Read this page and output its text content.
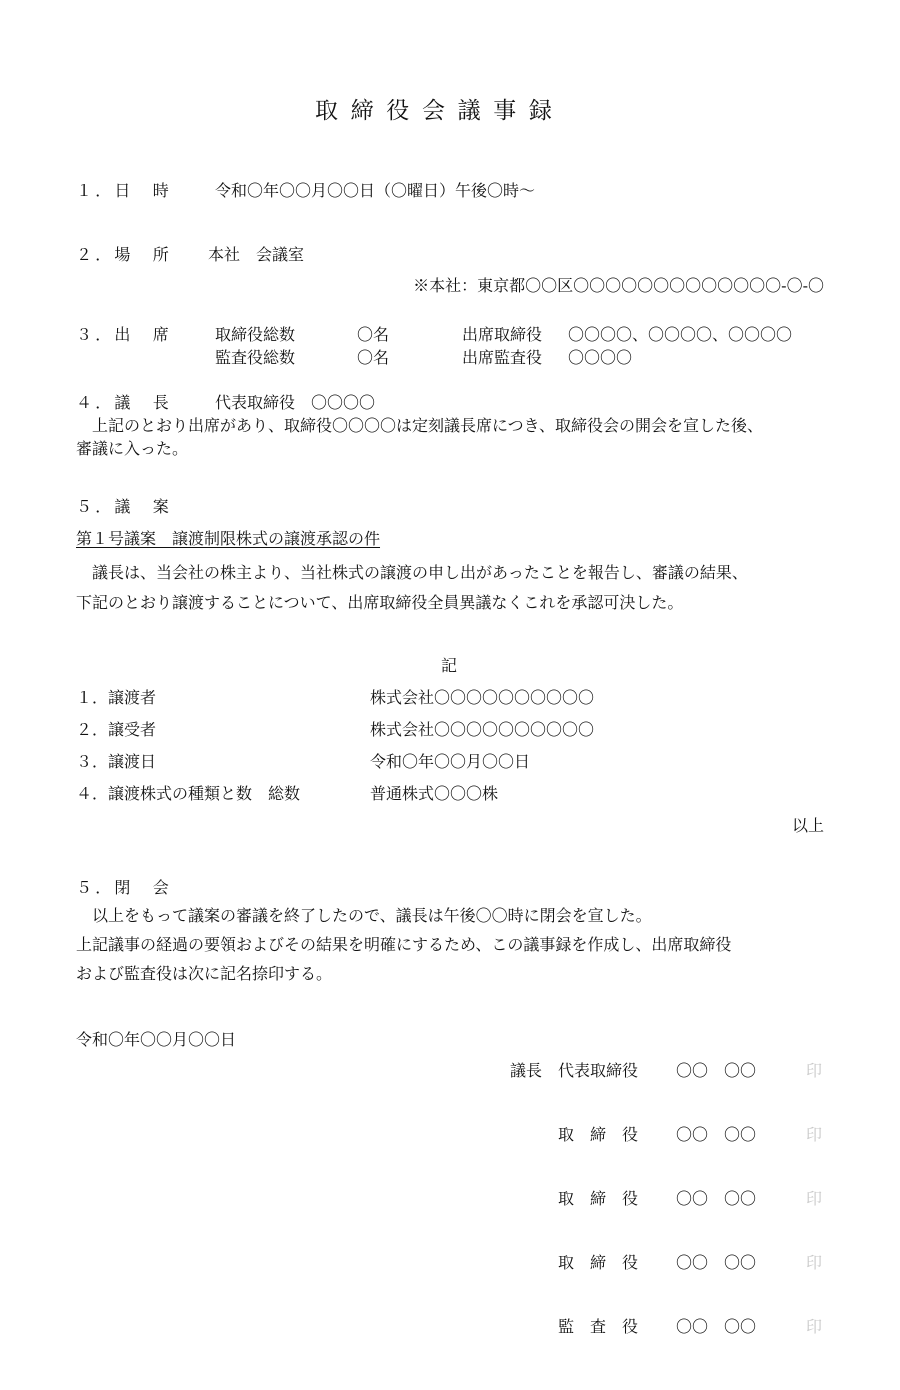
取締役会議事録
１．日　時	令和〇年〇〇月〇〇日（〇曜日）午後〇時〜
２．場　所 本社　会議室
※本社：東京都〇〇区〇〇〇〇〇〇〇〇〇〇〇〇〇-〇-〇
３．出　席	取締役総数	〇名	出席取締役 〇〇〇〇、〇〇〇〇、〇〇〇〇
監査役総数	〇名	出席監査役 〇〇〇〇
４．議　長	代表取締役　〇〇〇〇
上記のとおり出席があり、取締役〇〇〇〇は定刻議長席につき、取締役会の開会を宣した後、
審議に入った。
５．議　案
第１号議案　譲渡制限株式の譲渡承認の件
議長は、当会社の株主より、当社株式の譲渡の申し出があったことを報告し、審議の結果、
下記のとおり譲渡することについて、出席取締役全員異議なくこれを承認可決した。
記
１．譲渡者	株式会社〇〇〇〇〇〇〇〇〇〇
２．譲受者	株式会社〇〇〇〇〇〇〇〇〇〇
３．譲渡日	令和〇年〇〇月〇〇日
４．譲渡株式の種類と数　総数	普通株式〇〇〇株
以上
５．閉　会
以上をもって議案の審議を終了したので、議長は午後〇〇時に閉会を宣した。
上記議事の経過の要領およびその結果を明確にするため、この議事録を作成し、出席取締役
および監査役は次に記名捺印する。
令和〇年〇〇月〇〇日
議長　代表取締役 〇〇　〇〇	印
取　締　役 〇〇　〇〇	印
取　締　役 〇〇　〇〇	印
取　締　役 〇〇　〇〇	印
監　査　役 〇〇　〇〇	印
